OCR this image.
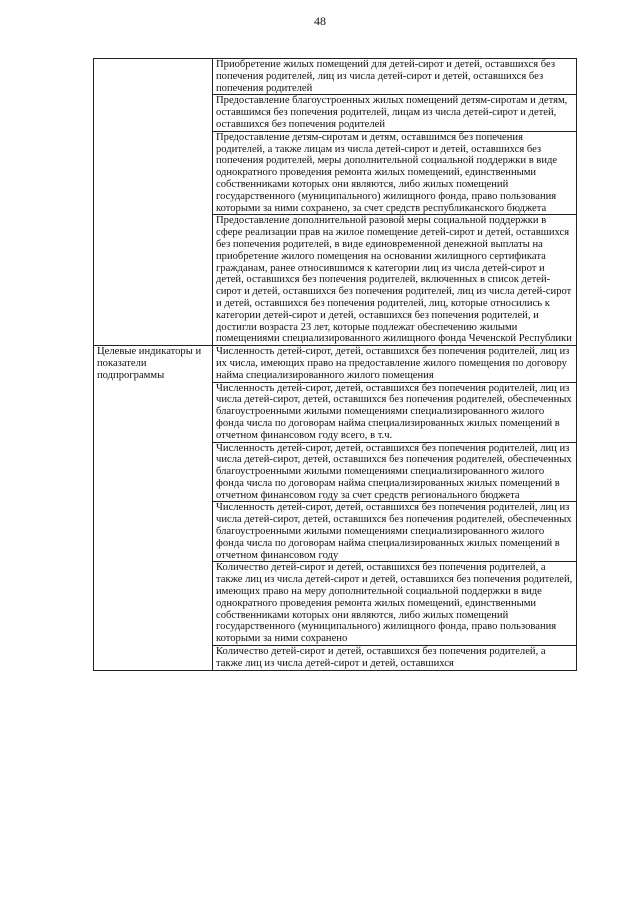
48
	Приобретение жилых помещений для детей-сирот и детей, оставшихся без попечения родителей, лиц из числа детей-сирот и детей, оставшихся без попечения родителей
	Предоставление благоустроенных жилых помещений детям-сиротам и детям, оставшимся без попечения родителей, лицам из числа детей-сирот и детей, оставшихся без попечения родителей
	Предоставление детям-сиротам и детям, оставшимся без попечения родителей, а также лицам из числа детей-сирот и детей, оставшихся без попечения родителей, меры дополнительной социальной поддержки в виде однократного проведения ремонта жилых помещений, единственными собственниками которых они являются, либо жилых помещений государственного (муниципального) жилищного фонда, право пользования которыми за ними сохранено, за счет средств республиканского бюджета
	Предоставление дополнительной разовой меры социальной поддержки в сфере реализации прав на жилое помещение детей-сирот и детей, оставшихся без попечения родителей, в виде единовременной денежной выплаты на приобретение жилого помещения на основании жилищного сертификата гражданам, ранее относившимся к категории лиц из числа детей-сирот и детей, оставшихся без попечения родителей, включенных в список детей-сирот и детей, оставшихся без попечения родителей, лиц из числа детей-сирот и детей, оставшихся без попечения родителей, лиц, которые относились к категории детей-сирот и детей, оставшихся без попечения родителей, и достигли возраста 23 лет, которые подлежат обеспечению жилыми помещениями специализированного жилищного фонда Чеченской Республики
Целевые индикаторы и показатели подпрограммы	Численность детей-сирот, детей, оставшихся без попечения родителей, лиц из их числа, имеющих право на предоставление жилого помещения по договору найма специализированного жилого помещения
	Численность детей-сирот, детей, оставшихся без попечения родителей, лиц из числа детей-сирот, детей, оставшихся без попечения родителей, обеспеченных благоустроенными жилыми помещениями специализированного жилого фонда числа по договорам найма специализированных жилых помещений в отчетном финансовом году всего, в т.ч.
	Численность детей-сирот, детей, оставшихся без попечения родителей, лиц из числа детей-сирот, детей, оставшихся без попечения родителей, обеспеченных благоустроенными жилыми помещениями специализированного жилого фонда числа по договорам найма специализированных жилых помещений в отчетном финансовом году за счет средств регионального бюджета
	Численность детей-сирот, детей, оставшихся без попечения родителей, лиц из числа детей-сирот, детей, оставшихся без попечения родителей, обеспеченных благоустроенными жилыми помещениями специализированного жилого фонда числа по договорам найма специализированных жилых помещений в отчетном финансовом году
	Количество детей-сирот и детей, оставшихся без попечения родителей, а также лиц из числа детей-сирот и детей, оставшихся без попечения родителей, имеющих право на меру дополнительной социальной поддержки в виде однократного проведения ремонта жилых помещений, единственными собственниками которых они являются, либо жилых помещений государственного (муниципального) жилищного фонда, право пользования которыми за ними сохранено
	Количество детей-сирот и детей, оставшихся без попечения родителей, а также лиц из числа детей-сирот и детей, оставшихся
